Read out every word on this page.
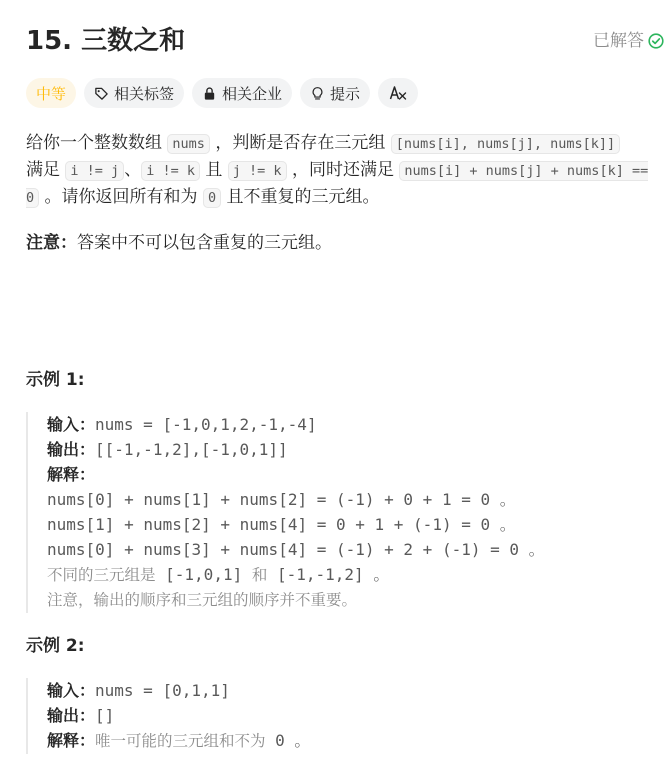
15. 三数之和	已解答
中等	相关标签	相关企业	提示
给你一个整数数组 nums ，判断是否存在三元组 [nums[i], nums[j], nums[k]]
满足 i != j 、 i != k 且 j != k ，同时还满足 nums[i] + nums[j] + nums[k] == 0 。请你返回所有和为 0 且不重复的三元组。
注意：答案中不可以包含重复的三元组。
示例 1:
输入：nums = [-1,0,1,2,-1,-4]
输出：[[-1,-1,2],[-1,0,1]]
解释：
nums[0] + nums[1] + nums[2] = (-1) + 0 + 1 = 0 。
nums[1] + nums[2] + nums[4] = 0 + 1 + (-1) = 0 。
nums[0] + nums[3] + nums[4] = (-1) + 2 + (-1) = 0 。
不同的三元组是 [-1,0,1] 和 [-1,-1,2] 。
注意，输出的顺序和三元组的顺序并不重要。
示例 2:
输入：nums = [0,1,1]
输出：[]
解释：唯一可能的三元组和不为 0 。
